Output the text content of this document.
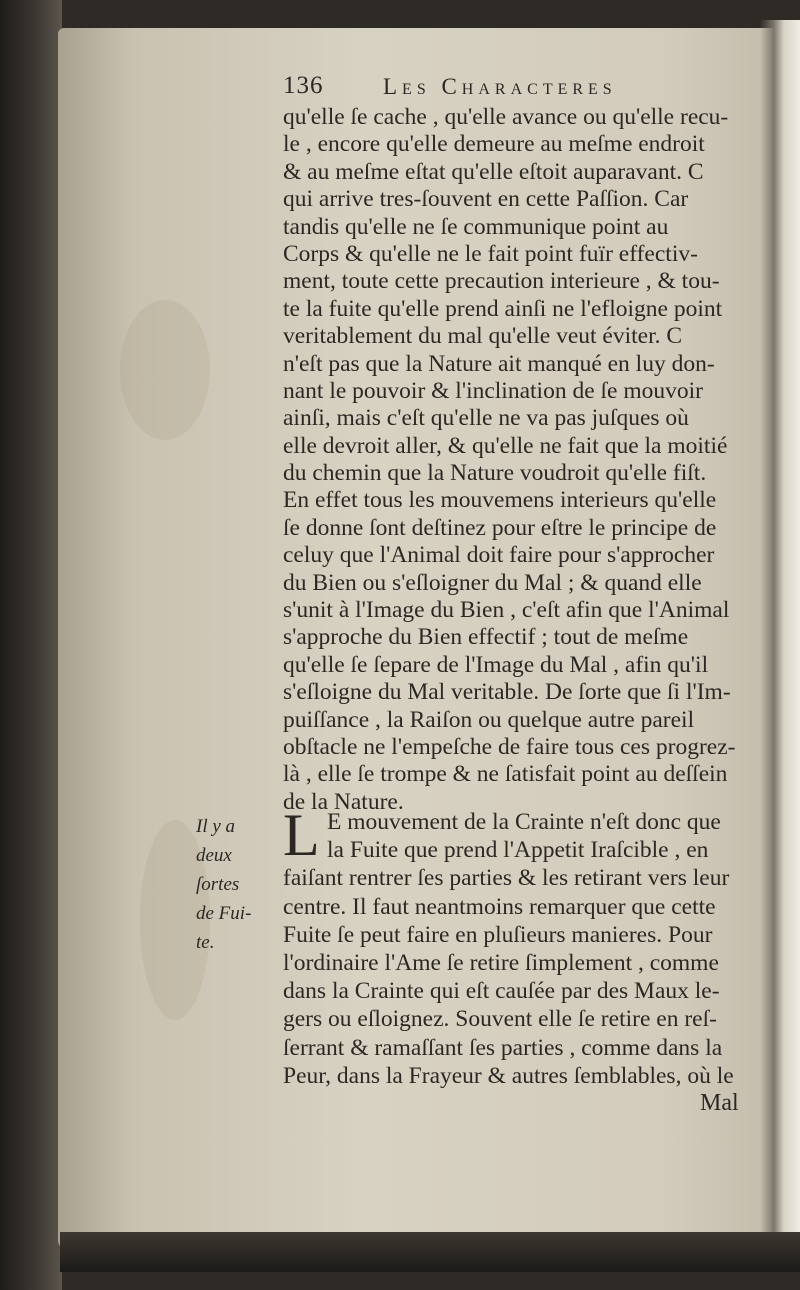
136	Les Characteres
qu'elle ſe cache , qu'elle avance ou qu'elle recu-
le , encore qu'elle demeure au meſme endroit
& au meſme eſtat qu'elle eſtoit auparavant. C
qui arrive tres-ſouvent en cette Paſſion. Car
tandis qu'elle ne ſe communique point au
Corps & qu'elle ne le fait point fuïr effectiv-
ment, toute cette precaution interieure , & tou-
te la fuite qu'elle prend ainſi ne l'efloigne point
veritablement du mal qu'elle veut éviter. C
n'eſt pas que la Nature ait manqué en luy don-
nant le pouvoir & l'inclination de ſe mouvoir
ainſi, mais c'eſt qu'elle ne va pas juſques où
elle devroit aller, & qu'elle ne fait que la moitié
du chemin que la Nature voudroit qu'elle fiſt.
En effet tous les mouvemens interieurs qu'elle
ſe donne ſont deſtinez pour eſtre le principe de
celuy que l'Animal doit faire pour s'approcher
du Bien ou s'eſloigner du Mal ; & quand elle
s'unit à l'Image du Bien , c'eſt afin que l'Animal
s'approche du Bien effectif ; tout de meſme
qu'elle ſe ſepare de l'Image du Mal , afin qu'il
s'eſloigne du Mal veritable. De ſorte que ſi l'Im-
puiſſance , la Raiſon ou quelque autre pareil
obſtacle ne l'empeſche de faire tous ces progrez-
là , elle ſe trompe & ne ſatisfait point au deſſein
de la Nature.
L E mouvement de la Crainte n'eſt donc que
la Fuite que prend l'Appetit Iraſcible , en
faiſant rentrer ſes parties & les retirant vers leur
centre. Il faut neantmoins remarquer que cette
Fuite ſe peut faire en pluſieurs manieres. Pour
l'ordinaire l'Ame ſe retire ſimplement , comme
dans la Crainte qui eſt cauſée par des Maux le-
gers ou eſloignez. Souvent elle ſe retire en reſ-
ſerrant & ramaſſant ſes parties , comme dans la
Peur, dans la Frayeur & autres ſemblables, où le
Il y a
deux
ſortes
de Fui-
te.
Mal
